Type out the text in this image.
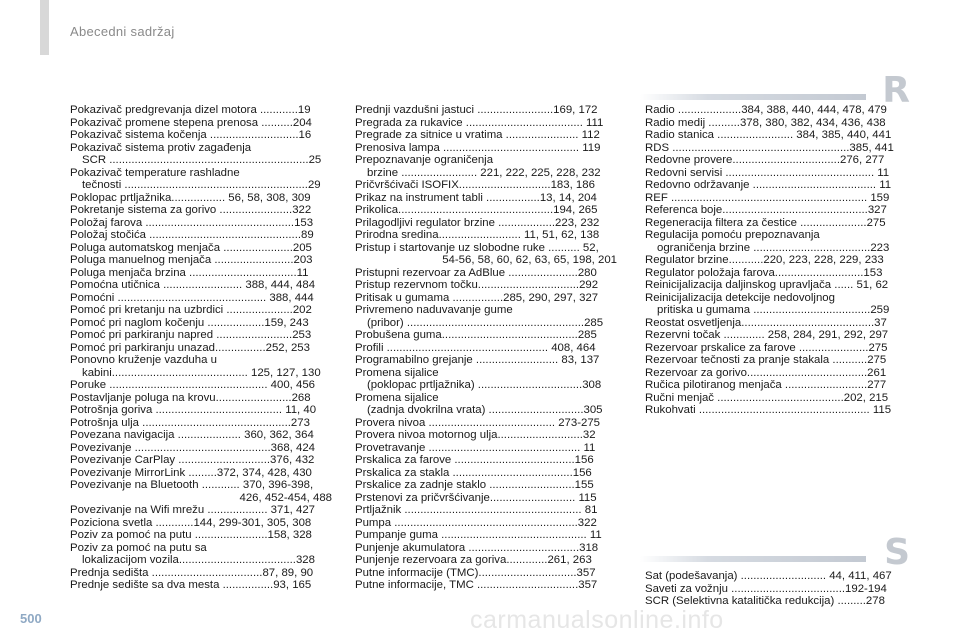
Abecedni sadržaj
R
S
Pokazivač predgrevanja dizel motora ............19
Pokazivač promene stepena prenosa ..........204
Pokazivač sistema kočenja ............................16
Pokazivač sistema protiv zagađenja
SCR ...............................................................25
Pokazivač temperature rashladne
tečnosti ..........................................................29
Poklopac prtljažnika................. 56, 58, 308, 309
Pokretanje sistema za gorivo .......................322
Položaj farova ...............................................153
Položaj stočića ................................................89
Poluga automatskog menjača ......................205
Poluga manuelnog menjača .........................203
Poluga menjača brzina ..................................11
Pomoćna utičnica ......................... 388, 444, 484
Pomoćni ............................................... 388, 444
Pomoć pri kretanju na uzbrdici .....................202
Pomoć pri naglom kočenju ..................159, 243
Pomoć pri parkiranju napred ........................253
Pomoć pri parkiranju unazad................252, 253
Ponovno kruženje vazduha u
kabini........................................... 125, 127, 130
Poruke .................................................. 400, 456
Postavljanje poluga na krovu........................268
Potrošnja goriva ........................................ 11, 40
Potrošnja ulja ...............................................273
Povezana navigacija .................... 360, 362, 364
Povezivanje ...........................................368, 424
Povezivanje CarPlay .............................376, 432
Povezivanje MirrorLink .........372, 374, 428, 430
Povezivanje na Bluetooth ............ 370, 396-398,
426, 452-454, 488
Povezivanje na Wifi mrežu ................... 371, 427
Poziciona svetla ............144, 299-301, 305, 308
Poziv za pomoć na putu .......................158, 328
Poziv za pomoć na putu sa
lokalizacijom vozila.....................................328
Prednja sedišta ...................................87, 89, 90
Prednje sedište sa dva mesta ................93, 165
Prednji vazdušni jastuci ........................169, 172
Pregrada za rukavice ..................................... 111
Pregrade za sitnice u vratima ....................... 112
Prenosiva lampa ........................................... 119
Prepoznavanje ograničenja
brzine ........................ 221, 222, 225, 228, 232
Pričvršćivači ISOFIX.............................183, 186
Prikaz na instrument tabli .................13, 14, 204
Prikolica.................................................194, 265
Prilagodljivi regulator brzine ..................223, 232
Prirodna sredina.......................... 11, 51, 62, 138
Pristup i startovanje uz slobodne ruke .......... 52,
54-56, 58, 60, 62, 63, 65, 198, 201
Pristupni rezervoar za AdBlue ......................280
Pristup rezervnom točku................................292
Pritisak u gumama ................285, 290, 297, 327
Privremeno naduvavanje gume
(pribor) ........................................................285
Probušena guma...........................................285
Profili ................................................... 408, 464
Programabilno grejanje .......................... 83, 137
Promena sijalice
(poklopac prtljažnika) .................................308
Promena sijalice
(zadnja dvokrilna vrata) ..............................305
Provera nivoa ........................................ 273-275
Provera nivoa motornog ulja...........................32
Provetravanje ................................................ 11
Prskalica za farove ......................................156
Prskalica za stakla ......................................156
Prskalice za zadnje staklo ...........................155
Prstenovi za pričvršćivanje........................... 115
Prtljažnik ........................................................ 81
Pumpa ..........................................................322
Pumpanje guma .............................................. 11
Punjenje akumulatora ...................................318
Punjenje rezervoara za goriva.............261, 263
Putne informacije (TMC)...............................357
Putne informacije, TMC ................................357
Radio ....................384, 388, 440, 444, 478, 479
Radio medij ..........378, 380, 382, 434, 436, 438
Radio stanica ........................ 384, 385, 440, 441
RDS ........................................................385, 441
Redovne provere..................................276, 277
Redovni servisi ............................................... 11
Redovno održavanje ....................................... 11
REF .............................................................. 159
Referenca boje..............................................327
Regeneracija filtera za čestice .....................275
Regulacija pomoću prepoznavanja
ograničenja brzine .....................................223
Regulator brzine...........220, 223, 228, 229, 233
Regulator položaja farova............................153
Reinicijalizacija daljinskog upravljača ...... 51, 62
Reinicijalizacija detekcije nedovoljnog
pritiska u gumama .....................................259
Reostat osvetljenja..........................................37
Rezervni točak ............. 258, 284, 291, 292, 297
Rezervoar prskalice za farove ......................275
Rezervoar tečnosti za pranje stakala ...........275
Rezervoar za gorivo......................................261
Ručica pilotiranog menjača ..........................277
Ručni menjač ........................................202, 215
Rukohvati ...................................................... 115
Sat (podešavanja) ........................... 44, 411, 467
Saveti za vožnju ....................................192-194
SCR (Selektivna katalitička redukcija) .........278
500	carmanualsonline.info
